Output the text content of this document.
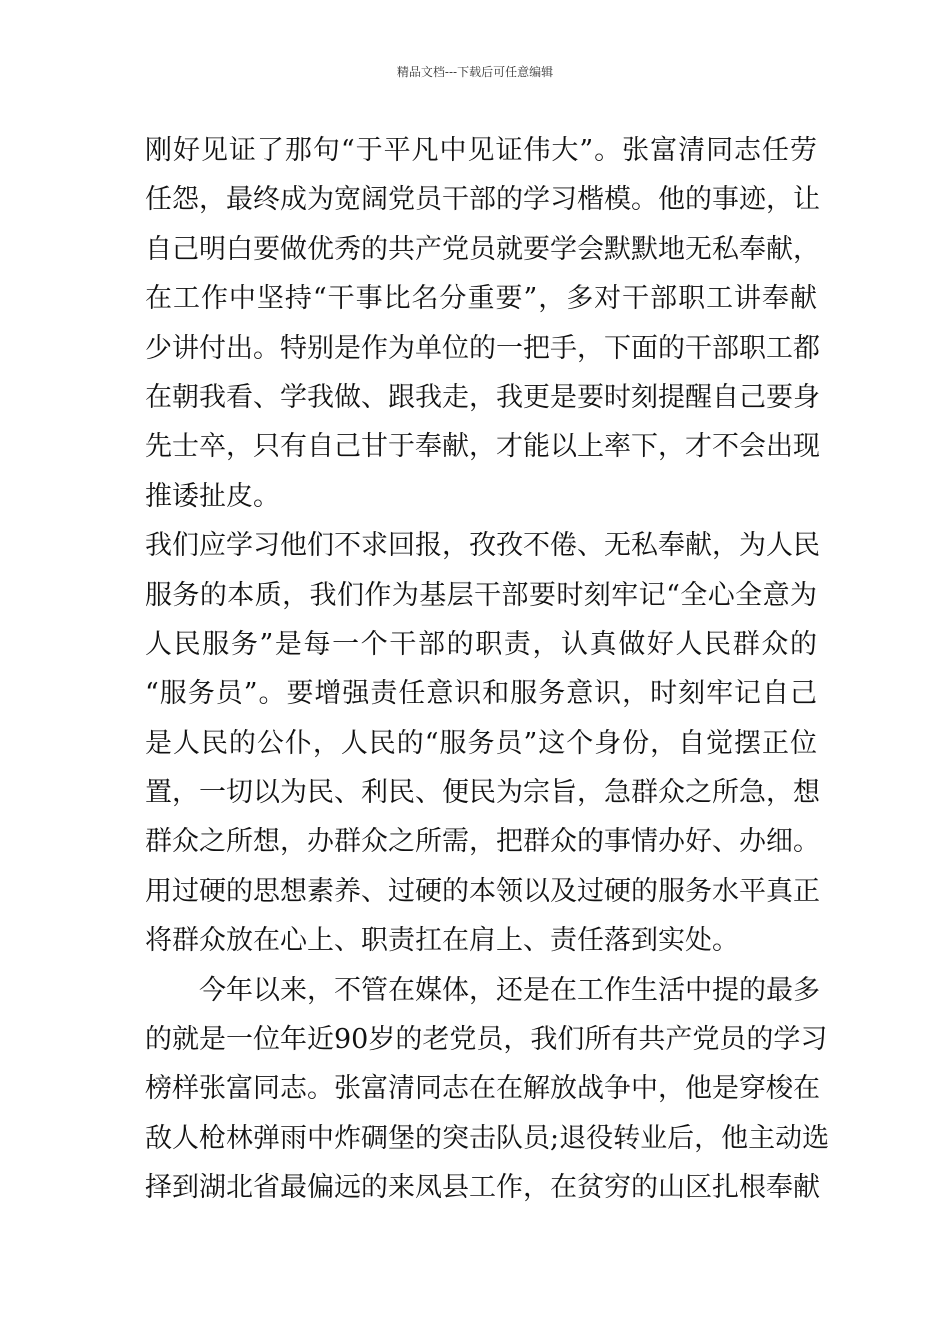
精品文档---下载后可任意编辑
刚好见证了那句“于平凡中见证伟大”。张富清同志任劳
任怨，最终成为宽阔党员干部的学习楷模。他的事迹，让
自己明白要做优秀的共产党员就要学会默默地无私奉献，
在工作中坚持“干事比名分重要”，多对干部职工讲奉献
少讲付出。特别是作为单位的一把手，下面的干部职工都
在朝我看、学我做、跟我走，我更是要时刻提醒自己要身
先士卒，只有自己甘于奉献，才能以上率下，才不会出现
推诿扯皮。
我们应学习他们不求回报，孜孜不倦、无私奉献，为人民
服务的本质，我们作为基层干部要时刻牢记“全心全意为
人民服务”是每一个干部的职责，认真做好人民群众的
“服务员”。要增强责任意识和服务意识，时刻牢记自己
是人民的公仆，人民的“服务员”这个身份，自觉摆正位
置，一切以为民、利民、便民为宗旨，急群众之所急，想
群众之所想，办群众之所需，把群众的事情办好、办细。
用过硬的思想素养、过硬的本领以及过硬的服务水平真正
将群众放在心上、职责扛在肩上、责任落到实处。
今年以来，不管在媒体，还是在工作生活中提的最多
的就是一位年近90岁的老党员，我们所有共产党员的学习
榜样张富同志。张富清同志在在解放战争中，他是穿梭在
敌人枪林弹雨中炸碉堡的突击队员;退役转业后，他主动选
择到湖北省最偏远的来凤县工作，在贫穷的山区扎根奉献
